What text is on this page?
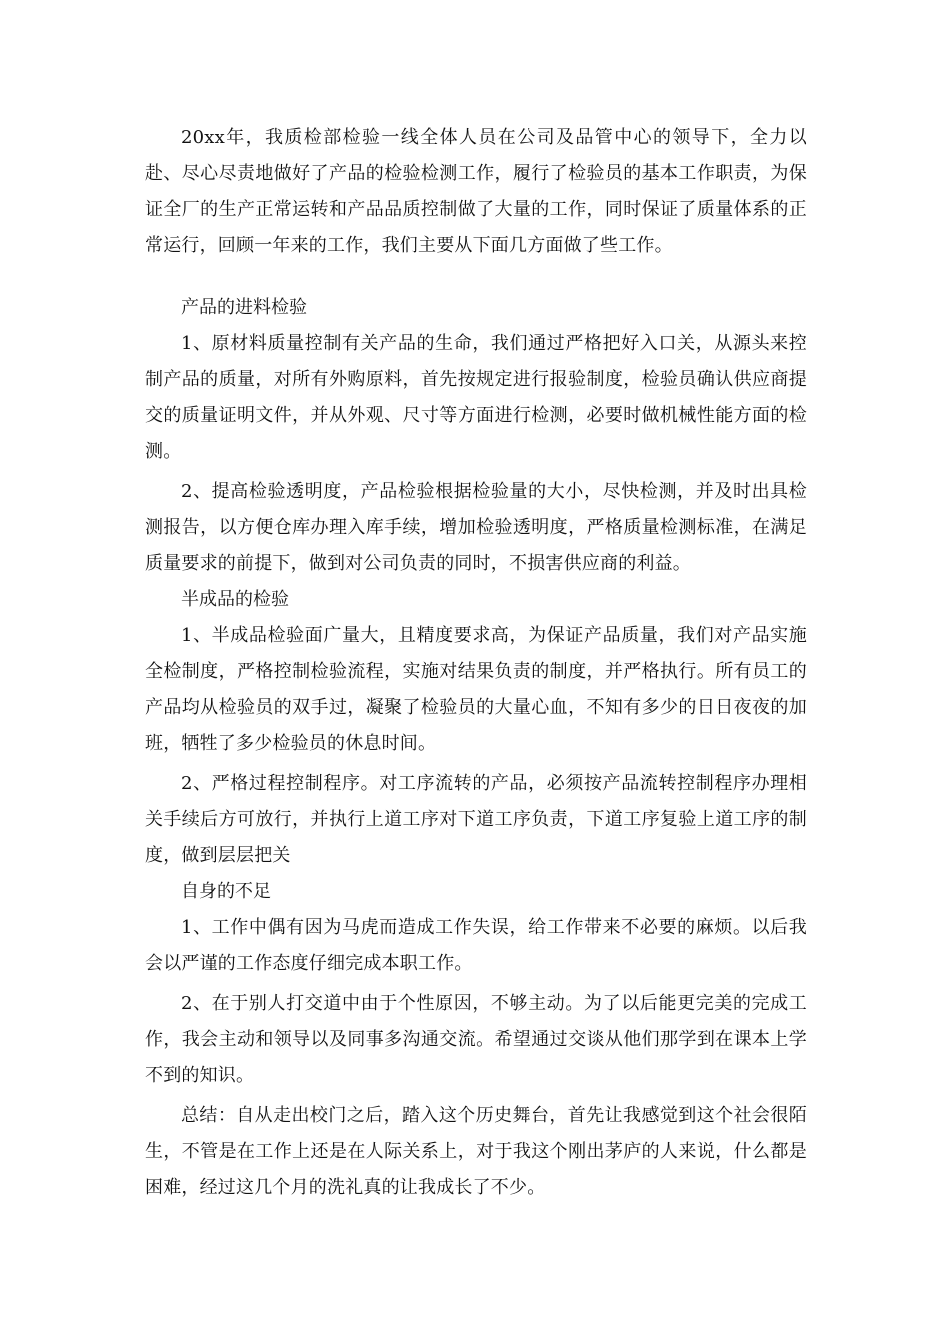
20xx年，我质检部检验一线全体人员在公司及品管中心的领导下，全力以赴、尽心尽责地做好了产品的检验检测工作，履行了检验员的基本工作职责，为保证全厂的生产正常运转和产品品质控制做了大量的工作，同时保证了质量体系的正常运行，回顾一年来的工作，我们主要从下面几方面做了些工作。

产品的进料检验

1、原材料质量控制有关产品的生命，我们通过严格把好入口关，从源头来控制产品的质量，对所有外购原料，首先按规定进行报验制度，检验员确认供应商提交的质量证明文件，并从外观、尺寸等方面进行检测，必要时做机械性能方面的检测。

2、提高检验透明度，产品检验根据检验量的大小，尽快检测，并及时出具检测报告，以方便仓库办理入库手续，增加检验透明度，严格质量检测标准，在满足质量要求的前提下，做到对公司负责的同时，不损害供应商的利益。

半成品的检验

1、半成品检验面广量大，且精度要求高，为保证产品质量，我们对产品实施全检制度，严格控制检验流程，实施对结果负责的制度，并严格执行。所有员工的产品均从检验员的双手过，凝聚了检验员的大量心血，不知有多少的日日夜夜的加班，牺牲了多少检验员的休息时间。

2、严格过程控制程序。对工序流转的产品，必须按产品流转控制程序办理相关手续后方可放行，并执行上道工序对下道工序负责，下道工序复验上道工序的制度，做到层层把关

自身的不足

1、工作中偶有因为马虎而造成工作失误，给工作带来不必要的麻烦。以后我会以严谨的工作态度仔细完成本职工作。

2、在于别人打交道中由于个性原因，不够主动。为了以后能更完美的完成工作，我会主动和领导以及同事多沟通交流。希望通过交谈从他们那学到在课本上学不到的知识。

总结：自从走出校门之后，踏入这个历史舞台，首先让我感觉到这个社会很陌生，不管是在工作上还是在人际关系上，对于我这个刚出茅庐的人来说，什么都是困难，经过这几个月的洗礼真的让我成长了不少。
